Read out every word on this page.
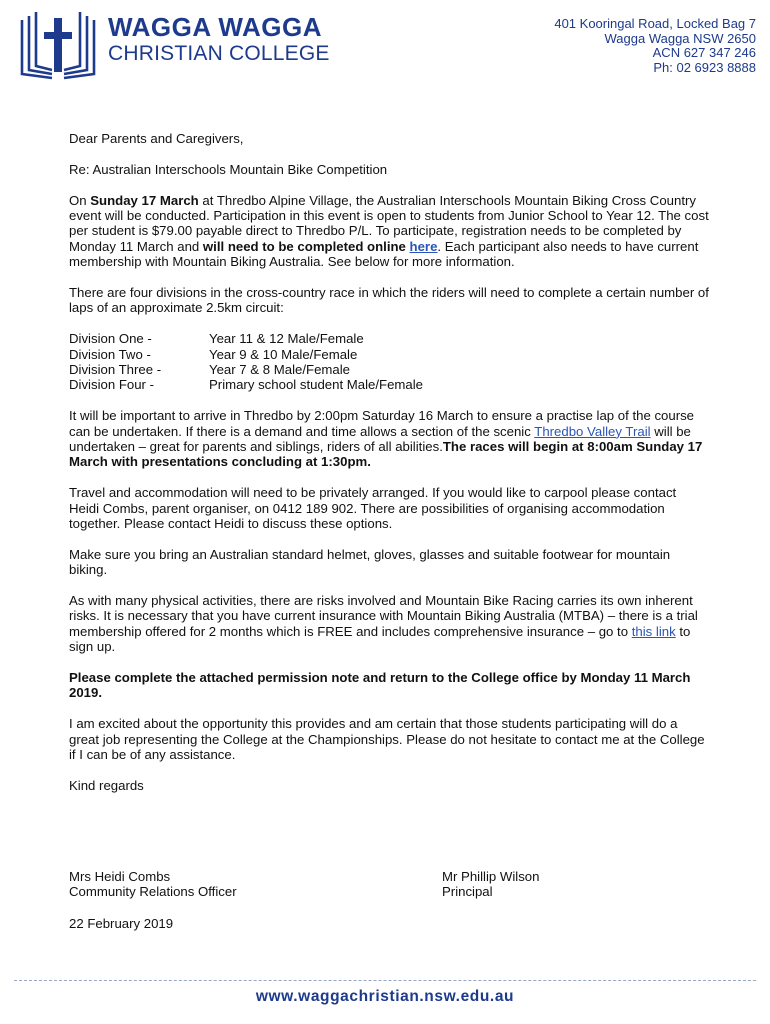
WAGGA WAGGA
CHRISTIAN COLLEGE
401 Kooringal Road, Locked Bag 7
Wagga Wagga NSW 2650
ACN 627 347 246
Ph: 02 6923 8888

Dear Parents and Caregivers,

Re: Australian Interschools Mountain Bike Competition

On Sunday 17 March at Thredbo Alpine Village, the Australian Interschools Mountain Biking Cross Country event will be conducted. Participation in this event is open to students from Junior School to Year 12. The cost per student is $79.00 payable direct to Thredbo P/L. To participate, registration needs to be completed by Monday 11 March and will need to be completed online here. Each participant also needs to have current membership with Mountain Biking Australia. See below for more information.

There are four divisions in the cross-country race in which the riders will need to complete a certain number of laps of an approximate 2.5km circuit:

Division One -	Year 11 & 12 Male/Female
Division Two -	Year 9 & 10 Male/Female
Division Three -	Year 7 & 8 Male/Female
Division Four -	Primary school student Male/Female

It will be important to arrive in Thredbo by 2:00pm Saturday 16 March to ensure a practise lap of the course can be undertaken. If there is a demand and time allows a section of the scenic Thredbo Valley Trail will be undertaken – great for parents and siblings, riders of all abilities.The races will begin at 8:00am Sunday 17 March with presentations concluding at 1:30pm.

Travel and accommodation will need to be privately arranged. If you would like to carpool please contact Heidi Combs, parent organiser, on 0412 189 902. There are possibilities of organising accommodation together. Please contact Heidi to discuss these options.

Make sure you bring an Australian standard helmet, gloves, glasses and suitable footwear for mountain biking.

As with many physical activities, there are risks involved and Mountain Bike Racing carries its own inherent risks. It is necessary that you have current insurance with Mountain Biking Australia (MTBA) – there is a trial membership offered for 2 months which is FREE and includes comprehensive insurance – go to this link to sign up.

Please complete the attached permission note and return to the College office by Monday 11 March 2019.

I am excited about the opportunity this provides and am certain that those students participating will do a great job representing the College at the Championships. Please do not hesitate to contact me at the College if I can be of any assistance.

Kind regards

Mrs Heidi Combs
Community Relations Officer
Mr Phillip Wilson
Principal
22 February 2019
www.waggachristian.nsw.edu.au
